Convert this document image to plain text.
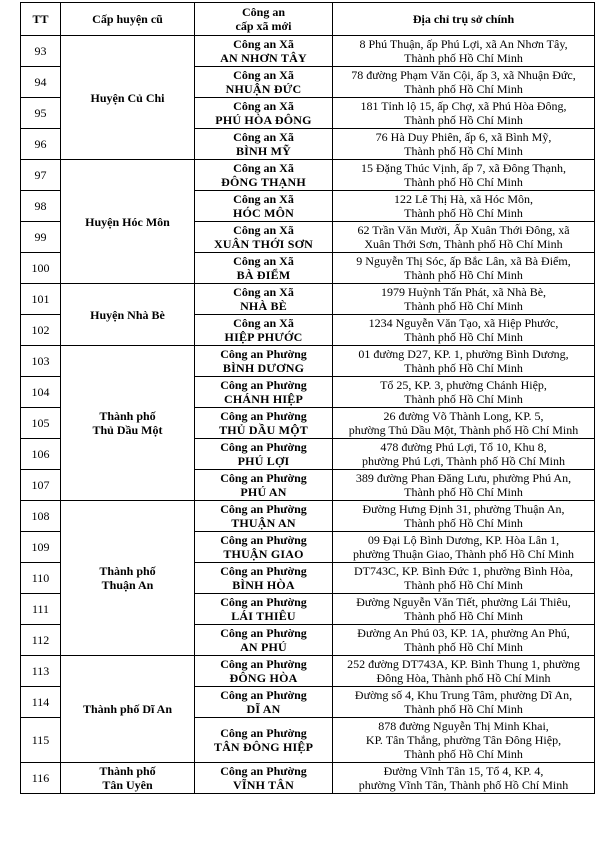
TT	Cấp huyện cũ	Công an
cấp xã mới	Địa chỉ trụ sở chính
93	Huyện Củ Chi	Công an Xã
AN NHƠN TÂY	8 Phú Thuận, ấp Phú Lợi, xã An Nhơn Tây,
Thành phố Hồ Chí Minh

94		Công an Xã
NHUẬN ĐỨC	78 đường Phạm Văn Cội, ấp 3, xã Nhuận Đức,
Thành phố Hồ Chí Minh

95		Công an Xã
PHÚ HÒA ĐÔNG	181 Tỉnh lộ 15, ấp Chợ, xã Phú Hòa Đông,
Thành phố Hồ Chí Minh

96		Công an Xã
BÌNH MỸ	76 Hà Duy Phiên, ấp 6, xã Bình Mỹ,
Thành phố Hồ Chí Minh

97	Huyện Hóc Môn	Công an Xã
ĐÔNG THẠNH	15 Đặng Thúc Vịnh, ấp 7, xã Đông Thạnh,
Thành phố Hồ Chí Minh

98		Công an Xã
HÓC MÔN	122 Lê Thị Hà, xã Hóc Môn,
Thành phố Hồ Chí Minh

99		Công an Xã
XUÂN THỚI SƠN	62 Trần Văn Mười, Ấp Xuân Thới Đông, xã
Xuân Thới Sơn, Thành phố Hồ Chí Minh

100		Công an Xã
BÀ ĐIỂM	9 Nguyễn Thị Sóc, ấp Bắc Lân, xã Bà Điểm,
Thành phố Hồ Chí Minh

101	Huyện Nhà Bè	Công an Xã
NHÀ BÈ	1979 Huỳnh Tấn Phát, xã Nhà Bè,
Thành phố Hồ Chí Minh

102		Công an Xã
HIỆP PHƯỚC	1234 Nguyễn Văn Tạo, xã Hiệp Phước,
Thành phố Hồ Chí Minh

103	Thành phố
Thủ Dầu Một	Công an Phường
BÌNH DƯƠNG	01 đường D27, KP. 1, phường Bình Dương,
Thành phố Hồ Chí Minh

104		Công an Phường
CHÁNH HIỆP	Tổ 25, KP. 3, phường Chánh Hiệp,
Thành phố Hồ Chí Minh

105		Công an Phường
THỦ DẦU MỘT	26 đường Võ Thành Long, KP. 5,
phường Thủ Dầu Một, Thành phố Hồ Chí Minh

106		Công an Phường
PHÚ LỢI	478 đường Phú Lợi, Tổ 10, Khu 8,
phường Phú Lợi, Thành phố Hồ Chí Minh

107		Công an Phường
PHÚ AN	389 đường Phan Đăng Lưu, phường Phú An,
Thành phố Hồ Chí Minh

108	Thành phố
Thuận An	Công an Phường
THUẬN AN	Đường Hưng Định 31, phường Thuận An,
Thành phố Hồ Chí Minh

109		Công an Phường
THUẬN GIAO	09 Đại Lộ Bình Dương, KP. Hòa Lân 1,
phường Thuận Giao, Thành phố Hồ Chí Minh

110		Công an Phường
BÌNH HÒA	DT743C, KP. Bình Đức 1, phường Bình Hòa,
Thành phố Hồ Chí Minh

111		Công an Phường
LÁI THIÊU	Đường Nguyễn Văn Tiết, phường Lái Thiêu,
Thành phố Hồ Chí Minh

112		Công an Phường
AN PHÚ	Đường An Phú 03, KP. 1A, phường An Phú,
Thành phố Hồ Chí Minh

113	Thành phố Dĩ An	Công an Phường
ĐÔNG HÒA	252 đường DT743A, KP. Bình Thung 1, phường
Đông Hòa, Thành phố Hồ Chí Minh

114		Công an Phường
DĨ AN	Đường số 4, Khu Trung Tâm, phường Dĩ An,
Thành phố Hồ Chí Minh

115		Công an Phường
TÂN ĐÔNG HIỆP	878 đường Nguyễn Thị Minh Khai,
KP. Tân Thắng, phường Tân Đông Hiệp,
Thành phố Hồ Chí Minh

116	Thành phố
Tân Uyên	Công an Phường
VĨNH TÂN	Đường Vĩnh Tân 15, Tổ 4, KP. 4,
phường Vĩnh Tân, Thành phố Hồ Chí Minh
